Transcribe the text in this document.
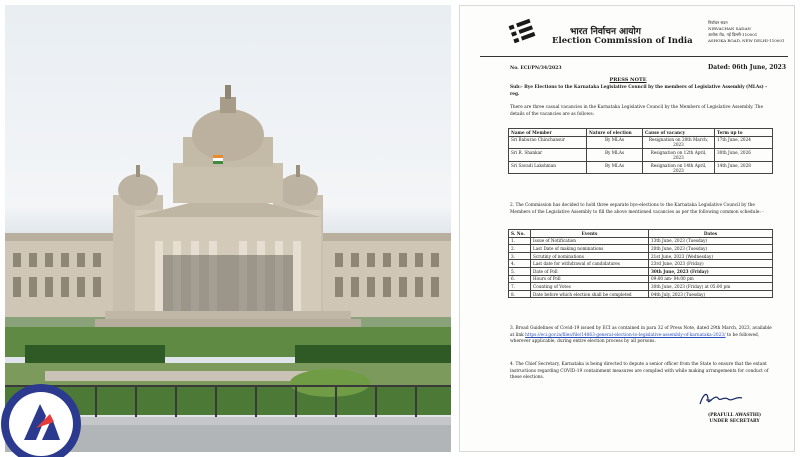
भारत निर्वाचन आयोग
Election Commission of India
निर्वाचन सदन
NIRVACHAN SADAN
अशोक रोड, नई दिल्ली-110001
ASHOKA ROAD, NEW DELHI-110001
No. ECI/PN/34/2023	Dated: 06th June, 2023
PRESS NOTE
Sub:- Bye Elections to the Karnataka Legislative Council by the members of Legislative Assembly (MLAs) – reg.
There are three casual vacancies in the Karnataka Legislative Council by the Members of Legislative Assembly. The details of the vacancies are as follows:
Name of Member	Nature of election	Cause of vacancy	Term up to
Sri Baburao Chinchansur	By MLAs	Resignation on 20th March, 2023	17th June, 2024
Sri R. Shankar	By MLAs	Resignation on 12th April, 2023	30th June, 2026
Sri Savadi Lakshman	By MLAs	Resignation on 14th April, 2023	14th June, 2028
2. The Commission has decided to hold three separate bye-elections to the Karnataka Legislative Council by the Members of the Legislative Assembly to fill the above mentioned vacancies as per the following common schedule: -
S. No.	Events	Dates
1.	Issue of Notification	13th June, 2023 (Tuesday)
2.	Last Date of making nominations	20th June, 2023 (Tuesday)
3.	Scrutiny of nominations	21st June, 2023 (Wednesday)
4.	Last date for withdrawal of candidatures	23rd June, 2023 (Friday)
5.	Date of Poll	30th June, 2023 (Friday)
6.	Hours of Poll	09:00 am- 04:00 pm
7.	Counting of Votes	30th June, 2023 (Friday) at 05:00 pm
8.	Date before which election shall be completed	04th July, 2023 (Tuesday)
3. Broad Guidelines of Covid-19 issued by ECI as contained in para 32 of Press Note, dated 29th March, 2023, available at link https://eci.gov.in/files/file/14863-general-election-to-legislative-assembly-of-karnataka-2023/ to be followed, wherever applicable, during entire election process by all persons.
4. The Chief Secretary, Karnataka is being directed to depute a senior officer from the State to ensure that the extant instructions regarding COVID-19 containment measures are complied with while making arrangements for conduct of these elections.
(PRAFULL AWASTHI)
UNDER SECRETARY
